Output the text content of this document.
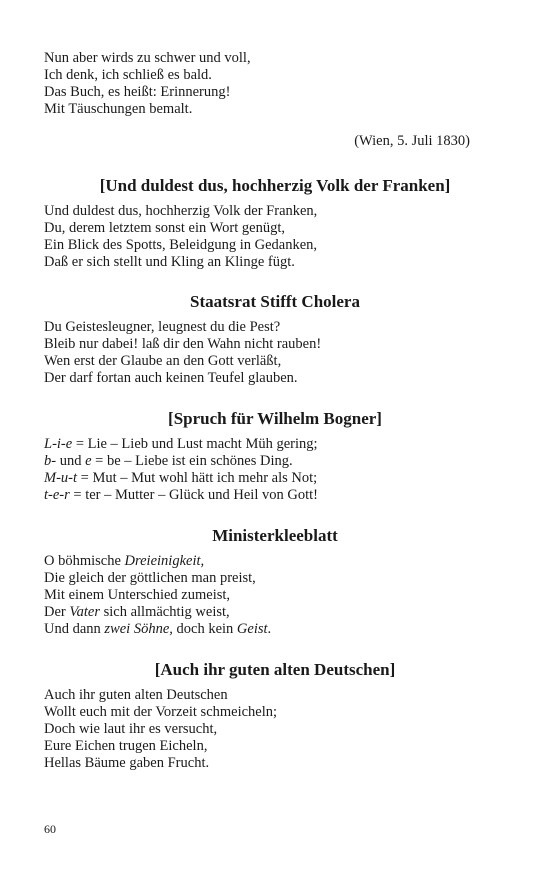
Nun aber wirds zu schwer und voll,
Ich denk, ich schließ es bald.
Das Buch, es heißt: Erinnerung!
Mit Täuschungen bemalt.
(Wien, 5. Juli 1830)
[Und duldest dus, hochherzig Volk der Franken]
Und duldest dus, hochherzig Volk der Franken,
Du, derem letztem sonst ein Wort genügt,
Ein Blick des Spotts, Beleidgung in Gedanken,
Daß er sich stellt und Kling an Klinge fügt.
Staatsrat Stifft Cholera
Du Geistesleugner, leugnest du die Pest?
Bleib nur dabei! laß dir den Wahn nicht rauben!
Wen erst der Glaube an den Gott verläßt,
Der darf fortan auch keinen Teufel glauben.
[Spruch für Wilhelm Bogner]
L-i-e = Lie – Lieb und Lust macht Müh gering;
b- und e = be – Liebe ist ein schönes Ding.
M-u-t = Mut – Mut wohl hätt ich mehr als Not;
t-e-r = ter – Mutter – Glück und Heil von Gott!
Ministerkleeblatt
O böhmische Dreieinigkeit,
Die gleich der göttlichen man preist,
Mit einem Unterschied zumeist,
Der Vater sich allmächtig weist,
Und dann zwei Söhne, doch kein Geist.
[Auch ihr guten alten Deutschen]
Auch ihr guten alten Deutschen
Wollt euch mit der Vorzeit schmeicheln;
Doch wie laut ihr es versucht,
Eure Eichen trugen Eicheln,
Hellas Bäume gaben Frucht.
60
